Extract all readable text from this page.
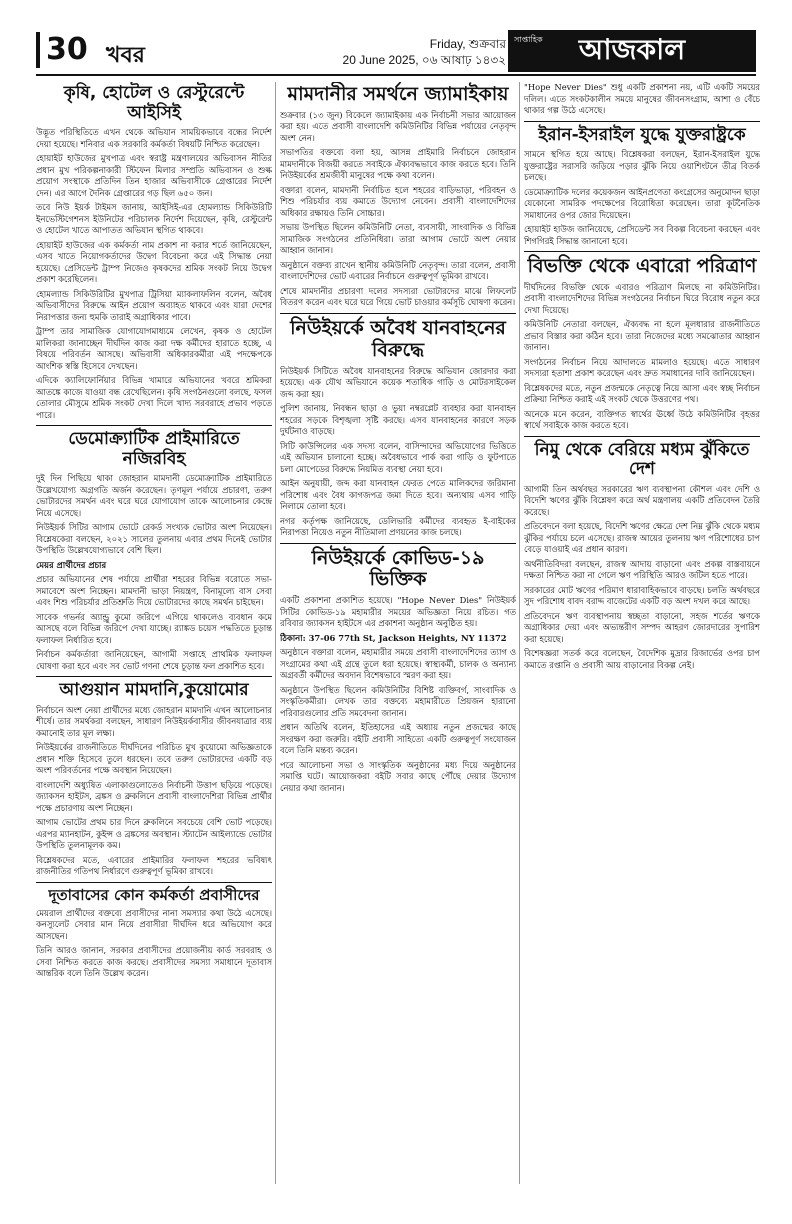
30 খবর	Friday, শুক্রবার
20 June 2025, ০৬ আষাঢ় ১৪৩২
সাপ্তাহিক আজকাল
কৃষি, হোটেল ও রেস্টুরেন্টে আইসিই

উদ্ভূত পরিস্থিতিতে এখন থেকে অভিযান সাময়িকভাবে বন্ধের নির্দেশ দেয়া হয়েছে। শনিবার এক সরকারি কর্মকর্তা বিষয়টি নিশ্চিত করেছেন।

হোয়াইট হাউজের মুখপাত্র এবং স্বরাষ্ট্র মন্ত্রণালয়ের অভিবাসন নীতির প্রধান মুখ পরিকল্পনাকারী স্টিফেন মিলার সম্প্রতি অভিবাসন ও শুল্ক প্রয়োগ সংস্থাকে প্রতিদিন তিন হাজার অভিবাসীকে গ্রেপ্তারের নির্দেশ দেন। এর আগে দৈনিক গ্রেপ্তারের গড় ছিল ৬৫০ জন।

তবে নিউ ইয়র্ক টাইমস জানায়, আইসিই-এর হোমল্যান্ড সিকিউরিটি ইনভেস্টিগেশনস ইউনিটের পরিচালক নির্দেশ দিয়েছেন, কৃষি, রেস্টুরেন্ট ও হোটেল খাতে আপাতত অভিযান স্থগিত থাকবে।

হোয়াইট হাউজের এক কর্মকর্তা নাম প্রকাশ না করার শর্তে জানিয়েছেন, এসব খাতে নিয়োগকর্তাদের উদ্বেগ বিবেচনা করে এই সিদ্ধান্ত নেয়া হয়েছে। প্রেসিডেন্ট ট্রাম্প নিজেও কৃষকদের শ্রমিক সংকট নিয়ে উদ্বেগ প্রকাশ করেছিলেন।

হোমল্যান্ড সিকিউরিটির মুখপাত্র ট্রিসিয়া ম্যাকলাফলিন বলেন, অবৈধ অভিবাসীদের বিরুদ্ধে আইন প্রয়োগ অব্যাহত থাকবে এবং যারা দেশের নিরাপত্তার জন্য হুমকি তারাই অগ্রাধিকার পাবে।

ট্রাম্প তার সামাজিক যোগাযোগমাধ্যমে লেখেন, কৃষক ও হোটেল মালিকরা জানাচ্ছেন দীর্ঘদিন কাজ করা দক্ষ কর্মীদের হারাতে হচ্ছে, এ বিষয়ে পরিবর্তন আসছে। অভিবাসী অধিকারকর্মীরা এই পদক্ষেপকে আংশিক স্বস্তি হিসেবে দেখছেন।

এদিকে ক্যালিফোর্নিয়ার বিভিন্ন খামারে অভিযানের খবরে শ্রমিকরা আতঙ্কে কাজে যাওয়া বন্ধ রেখেছিলেন। কৃষি সংগঠনগুলো বলছে, ফসল তোলার মৌসুমে শ্রমিক সংকট দেখা দিলে খাদ্য সরবরাহে প্রভাব পড়তে পারে।

ডেমোক্র্যাটিক প্রাইমারিতে নজিরবিহ

দুই দিন পিছিয়ে থাকা জোহরান মামদানী ডেমোক্র্যাটিক প্রাইমারিতে উল্লেখযোগ্য অগ্রগতি অর্জন করেছেন। তৃণমূল পর্যায়ে প্রচারণা, তরুণ ভোটারদের সমর্থন এবং ঘরে ঘরে যোগাযোগ তাকে আলোচনার কেন্দ্রে নিয়ে এসেছে।

নিউইয়র্ক সিটির আগাম ভোটে রেকর্ড সংখ্যক ভোটার অংশ নিয়েছেন। বিশ্লেষকেরা বলছেন, ২০২১ সালের তুলনায় এবার প্রথম দিনেই ভোটার উপস্থিতি উল্লেখযোগ্যভাবে বেশি ছিল।

মেয়র প্রার্থীদের প্রচার

প্রচার অভিযানের শেষ পর্যায়ে প্রার্থীরা শহরের বিভিন্ন বরোতে সভা-সমাবেশে অংশ নিচ্ছেন। মামদানী ভাড়া নিয়ন্ত্রণ, বিনামূল্যে বাস সেবা এবং শিশু পরিচর্যার প্রতিশ্রুতি দিয়ে ভোটারদের কাছে সমর্থন চাইছেন।

সাবেক গভর্নর অ্যান্ড্রু কুমো জরিপে এগিয়ে থাকলেও ব্যবধান কমে আসছে বলে বিভিন্ন জরিপে দেখা যাচ্ছে। র‍্যাঙ্কড চয়েস পদ্ধতিতে চূড়ান্ত ফলাফল নির্ধারিত হবে।

নির্বাচন কর্মকর্তারা জানিয়েছেন, আগামী সপ্তাহে প্রাথমিক ফলাফল ঘোষণা করা হবে এবং সব ভোট গণনা শেষে চূড়ান্ত ফল প্রকাশিত হবে।

আগুয়ান মামদানি,কুয়োমোর

নির্বাচনে অংশ নেয়া প্রার্থীদের মধ্যে জোহরান মামদানি এখন আলোচনার শীর্ষে। তার সমর্থকরা বলছেন, সাধারণ নিউইয়র্কবাসীর জীবনযাত্রার ব্যয় কমানোই তার মূল লক্ষ্য।

নিউইয়র্কের রাজনীতিতে দীর্ঘদিনের পরিচিত মুখ কুয়োমো অভিজ্ঞতাকে প্রধান শক্তি হিসেবে তুলে ধরছেন। তবে তরুণ ভোটারদের একটি বড় অংশ পরিবর্তনের পক্ষে অবস্থান নিয়েছেন।

বাংলাদেশি অধ্যুষিত এলাকাগুলোতেও নির্বাচনী উত্তাপ ছড়িয়ে পড়েছে। জ্যাকসন হাইটস, ব্রঙ্কস ও ব্রুকলিনে প্রবাসী বাংলাদেশিরা বিভিন্ন প্রার্থীর পক্ষে প্রচারণায় অংশ নিচ্ছেন।

আগাম ভোটের প্রথম চার দিনে ব্রুকলিনে সবচেয়ে বেশি ভোট পড়েছে। এরপর ম্যানহাটন, কুইন্স ও ব্রঙ্কসের অবস্থান। স্ট্যাটেন আইল্যান্ডে ভোটার উপস্থিতি তুলনামূলক কম।

বিশ্লেষকদের মতে, এবারের প্রাইমারির ফলাফল শহরের ভবিষ্যৎ রাজনীতির গতিপথ নির্ধারণে গুরুত্বপূর্ণ ভূমিকা রাখবে।

দূতাবাসের কোন কর্মকর্তা প্রবাসীদের

মেয়রাল প্রার্থীদের বক্তব্যে প্রবাসীদের নানা সমস্যার কথা উঠে এসেছে। কনস্যুলেট সেবার মান নিয়ে প্রবাসীরা দীর্ঘদিন ধরে অভিযোগ করে আসছেন।

তিনি আরও জানান, সরকার প্রবাসীদের প্রয়োজনীয় কার্ড সরবরাহ ও সেবা নিশ্চিত করতে কাজ করছে। প্রবাসীদের সমস্যা সমাধানে দূতাবাস আন্তরিক বলে তিনি উল্লেখ করেন।

মামদানীর সমর্থনে জ্যামাইকায়

শুক্রবার (১৩ জুন) বিকেলে জ্যামাইকায় এক নির্বাচনী সভার আয়োজন করা হয়। এতে প্রবাসী বাংলাদেশি কমিউনিটির বিভিন্ন পর্যায়ের নেতৃবৃন্দ অংশ নেন।

সভাপতির বক্তব্যে বলা হয়, আসন্ন প্রাইমারি নির্বাচনে জোহরান মামদানীকে বিজয়ী করতে সবাইকে ঐক্যবদ্ধভাবে কাজ করতে হবে। তিনি নিউইয়র্কের শ্রমজীবী মানুষের পক্ষে কথা বলেন।

বক্তারা বলেন, মামদানী নির্বাচিত হলে শহরের বাড়িভাড়া, পরিবহন ও শিশু পরিচর্যার ব্যয় কমাতে উদ্যোগ নেবেন। প্রবাসী বাংলাদেশিদের অধিকার রক্ষায়ও তিনি সোচ্চার।

সভায় উপস্থিত ছিলেন কমিউনিটি নেতা, ব্যবসায়ী, সাংবাদিক ও বিভিন্ন সামাজিক সংগঠনের প্রতিনিধিরা। তারা আগাম ভোটে অংশ নেয়ার আহ্বান জানান।

অনুষ্ঠানে বক্তব্য রাখেন স্থানীয় কমিউনিটি নেতৃবৃন্দ। তারা বলেন, প্রবাসী বাংলাদেশিদের ভোট এবারের নির্বাচনে গুরুত্বপূর্ণ ভূমিকা রাখবে।

শেষে মামদানীর প্রচারণা দলের সদস্যরা ভোটারদের মাঝে লিফলেট বিতরণ করেন এবং ঘরে ঘরে গিয়ে ভোট চাওয়ার কর্মসূচি ঘোষণা করেন।

নিউইয়র্কে অবৈধ যানবাহনের বিরুদ্ধে

নিউইয়র্ক সিটিতে অবৈধ যানবাহনের বিরুদ্ধে অভিযান জোরদার করা হয়েছে। এক যৌথ অভিযানে কয়েক শতাধিক গাড়ি ও মোটরসাইকেল জব্দ করা হয়।

পুলিশ জানায়, নিবন্ধন ছাড়া ও ভুয়া নম্বরপ্লেট ব্যবহার করা যানবাহন শহরের সড়কে বিশৃঙ্খলা সৃষ্টি করছে। এসব যানবাহনের কারণে সড়ক দুর্ঘটনাও বাড়ছে।

সিটি কাউন্সিলের এক সদস্য বলেন, বাসিন্দাদের অভিযোগের ভিত্তিতে এই অভিযান চালানো হচ্ছে। অবৈধভাবে পার্ক করা গাড়ি ও ফুটপাতে চলা মোপেডের বিরুদ্ধে নিয়মিত ব্যবস্থা নেয়া হবে।

আইন অনুযায়ী, জব্দ করা যানবাহন ফেরত পেতে মালিকদের জরিমানা পরিশোধ এবং বৈধ কাগজপত্র জমা দিতে হবে। অন্যথায় এসব গাড়ি নিলামে তোলা হবে।

নগর কর্তৃপক্ষ জানিয়েছে, ডেলিভারি কর্মীদের ব্যবহৃত ই-বাইকের নিরাপত্তা নিয়েও নতুন নীতিমালা প্রণয়নের কাজ চলছে।

নিউইয়র্কে কোভিড-১৯ ভিক্তিক

একটি প্রকাশনা প্রকাশিত হয়েছে। "Hope Never Dies" নিউইয়র্ক সিটির কোভিড-১৯ মহামারীর সময়ের অভিজ্ঞতা নিয়ে রচিত। গত রবিবার জ্যাকসন হাইটসে এর প্রকাশনা অনুষ্ঠান অনুষ্ঠিত হয়।

ঠিকানা: 37-06 77th St, Jackson Heights, NY 11372

অনুষ্ঠানে বক্তারা বলেন, মহামারীর সময়ে প্রবাসী বাংলাদেশিদের ত্যাগ ও সংগ্রামের কথা এই গ্রন্থে তুলে ধরা হয়েছে। স্বাস্থ্যকর্মী, চালক ও অন্যান্য অগ্রবর্তী কর্মীদের অবদান বিশেষভাবে স্মরণ করা হয়।

অনুষ্ঠানে উপস্থিত ছিলেন কমিউনিটির বিশিষ্ট ব্যক্তিবর্গ, সাংবাদিক ও সংস্কৃতিকর্মীরা। লেখক তার বক্তব্যে মহামারীতে প্রিয়জন হারানো পরিবারগুলোর প্রতি সমবেদনা জানান।

প্রধান অতিথি বলেন, ইতিহাসের এই অধ্যায় নতুন প্রজন্মের কাছে সংরক্ষণ করা জরুরি। বইটি প্রবাসী সাহিত্যে একটি গুরুত্বপূর্ণ সংযোজন বলে তিনি মন্তব্য করেন।

পরে আলোচনা সভা ও সাংস্কৃতিক অনুষ্ঠানের মধ্য দিয়ে অনুষ্ঠানের সমাপ্তি ঘটে। আয়োজকরা বইটি সবার কাছে পৌঁছে দেয়ার উদ্যোগ নেয়ার কথা জানান।

"Hope Never Dies" শুধু একটি প্রকাশনা নয়, এটি একটি সময়ের দলিল। এতে সংকটকালীন সময়ে মানুষের জীবনসংগ্রাম, আশা ও বেঁচে থাকার গল্প উঠে এসেছে।

ইরান-ইসরাইল যুদ্ধে যুক্তরাষ্ট্রকে

সামনে স্থগিত হয়ে আছে। বিশ্লেষকরা বলছেন, ইরান-ইসরাইল যুদ্ধে যুক্তরাষ্ট্রের সরাসরি জড়িয়ে পড়ার ঝুঁকি নিয়ে ওয়াশিংটনে তীব্র বিতর্ক চলছে।

ডেমোক্র্যাটিক দলের কয়েকজন আইনপ্রণেতা কংগ্রেসের অনুমোদন ছাড়া যেকোনো সামরিক পদক্ষেপের বিরোধিতা করেছেন। তারা কূটনৈতিক সমাধানের ওপর জোর দিয়েছেন।

হোয়াইট হাউজ জানিয়েছে, প্রেসিডেন্ট সব বিকল্প বিবেচনা করছেন এবং শিগগিরই সিদ্ধান্ত জানানো হবে।

বিভক্তি থেকে এবারো পরিত্রাণ

দীর্ঘদিনের বিভক্তি থেকে এবারও পরিত্রাণ মিলছে না কমিউনিটির। প্রবাসী বাংলাদেশিদের বিভিন্ন সংগঠনের নির্বাচন ঘিরে বিরোধ নতুন করে দেখা দিয়েছে।

কমিউনিটি নেতারা বলছেন, ঐক্যবদ্ধ না হলে মূলধারার রাজনীতিতে প্রভাব বিস্তার করা কঠিন হবে। তারা নিজেদের মধ্যে সমঝোতার আহ্বান জানান।

সংগঠনের নির্বাচন নিয়ে আদালতে মামলাও হয়েছে। এতে সাধারণ সদস্যরা হতাশা প্রকাশ করেছেন এবং দ্রুত সমাধানের দাবি জানিয়েছেন।

বিশ্লেষকদের মতে, নতুন প্রজন্মকে নেতৃত্বে নিয়ে আসা এবং স্বচ্ছ নির্বাচন প্রক্রিয়া নিশ্চিত করাই এই সংকট থেকে উত্তরণের পথ।

অনেকে মনে করেন, ব্যক্তিগত স্বার্থের ঊর্ধ্বে উঠে কমিউনিটির বৃহত্তর স্বার্থে সবাইকে কাজ করতে হবে।

নিমু থেকে বেরিয়ে মধ্যম ঝুঁকিতে দেশ

আগামী তিন অর্থবছর সরকারের ঋণ ব্যবস্থাপনা কৌশল এবং দেশি ও বিদেশি ঋণের ঝুঁকি বিশ্লেষণ করে অর্থ মন্ত্রণালয় একটি প্রতিবেদন তৈরি করেছে।

প্রতিবেদনে বলা হয়েছে, বিদেশি ঋণের ক্ষেত্রে দেশ নিম্ন ঝুঁকি থেকে মধ্যম ঝুঁকির পর্যায়ে চলে এসেছে। রাজস্ব আয়ের তুলনায় ঋণ পরিশোধের চাপ বেড়ে যাওয়াই এর প্রধান কারণ।

অর্থনীতিবিদরা বলছেন, রাজস্ব আদায় বাড়ানো এবং প্রকল্প বাস্তবায়নে দক্ষতা নিশ্চিত করা না গেলে ঋণ পরিস্থিতি আরও জটিল হতে পারে।

সরকারের মোট ঋণের পরিমাণ ধারাবাহিকভাবে বাড়ছে। চলতি অর্থবছরে সুদ পরিশোধ বাবদ বরাদ্দ বাজেটের একটি বড় অংশ দখল করে আছে।

প্রতিবেদনে ঋণ ব্যবস্থাপনায় স্বচ্ছতা বাড়ানো, সহজ শর্তের ঋণকে অগ্রাধিকার দেয়া এবং অভ্যন্তরীণ সম্পদ আহরণ জোরদারের সুপারিশ করা হয়েছে।

বিশেষজ্ঞরা সতর্ক করে বলেছেন, বৈদেশিক মুদ্রার রিজার্ভের ওপর চাপ কমাতে রপ্তানি ও প্রবাসী আয় বাড়ানোর বিকল্প নেই।
